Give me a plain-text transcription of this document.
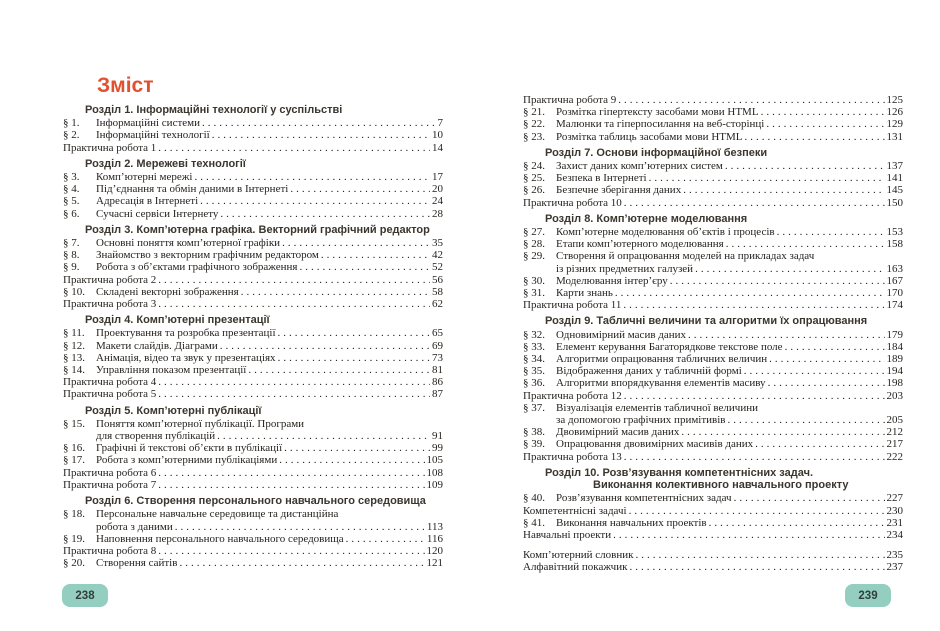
Зміст
Розділ 1. Інформаційні технології у суспільстві
§ 1.	Інформаційні системи .....	7
§ 2.	Інформаційні технології .....	10
Практична робота 1 .....	14
Розділ 2. Мережеві технології
§ 3.	Комп’ютерні мережі .....	17
§ 4.	Під’єднання та обмін даними в Інтернеті .....	20
§ 5.	Адресація в Інтернеті .....	24
§ 6.	Сучасні сервіси Інтернету .....	28
Розділ 3. Комп’ютерна графіка. Векторний графічний редактор
§ 7.	Основні поняття комп’ютерної графіки .....	35
§ 8.	Знайомство з векторним графічним редактором .....	42
§ 9.	Робота з об’єктами графічного зображення .....	52
Практична робота 2 .....	56
§ 10.	Складені векторні зображення .....	58
Практична робота 3 .....	62
Розділ 4. Комп’ютерні презентації
§ 11.	Проектування та розробка презентації .....	65
§ 12.	Макети слайдів. Діаграми .....	69
§ 13.	Анімація, відео та звук у презентаціях .....	73
§ 14.	Управління показом презентації .....	81
Практична робота 4 .....	86
Практична робота 5 .....	87
Розділ 5. Комп’ютерні публікації
§ 15.	Поняття комп’ютерної публікації. Програми
для створення публікацій .....	91
§ 16.	Графічні й текстові об’єкти в публікації .....	99
§ 17.	Робота з комп’ютерними публікаціями .....	105
Практична робота 6 .....	108
Практична робота 7 .....	109
Розділ 6. Створення персонального навчального середовища
§ 18.	Персональне навчальне середовище та дистанційна
робота з даними .....	113
§ 19.	Наповнення персонального навчального середовища .....	116
Практична робота 8 .....	120
§ 20.	Створення сайтів .....	121
Практична робота 9 .....	125
§ 21.	Розмітка гіпертексту засобами мови HTML .....	126
§ 22.	Малюнки та гіперпосилання на веб-сторінці .....	129
§ 23.	Розмітка таблиць засобами мови HTML .....	131
Розділ 7. Основи інформаційної безпеки
§ 24.	Захист даних комп’ютерних систем .....	137
§ 25.	Безпека в Інтернеті .....	141
§ 26.	Безпечне зберігання даних .....	145
Практична робота 10 .....	150
Розділ 8. Комп’ютерне моделювання
§ 27.	Комп’ютерне моделювання об’єктів і процесів .....	153
§ 28.	Етапи комп’ютерного моделювання .....	158
§ 29.	Створення й опрацювання моделей на прикладах задач
із різних предметних галузей .....	163
§ 30.	Моделювання інтер’єру .....	167
§ 31.	Карти знань .....	170
Практична робота 11 .....	174
Розділ 9. Табличні величини та алгоритми їх опрацювання
§ 32.	Одновимірний масив даних .....	179
§ 33.	Елемент керування Багаторядкове текстове поле .....	184
§ 34.	Алгоритми опрацювання табличних величин .....	189
§ 35.	Відображення даних у табличній формі .....	194
§ 36.	Алгоритми впорядкування елементів масиву .....	198
Практична робота 12 .....	203
§ 37.	Візуалізація елементів табличної величини
за допомогою графічних примітивів .....	205
§ 38.	Двовимірний масив даних .....	212
§ 39.	Опрацювання двовимірних масивів даних .....	217
Практична робота 13 .....	222
Розділ 10. Розв’язування компетентнісних задач.
Виконання колективного навчального проекту
§ 40.	Розв’язування компетентнісних задач .....	227
Компетентнісні задачі .....	230
§ 41.	Виконання навчальних проектів .....	231
Навчальні проекти .....	234
Комп’ютерний словник .....	235
Алфавітний покажчик .....	237
238	239
